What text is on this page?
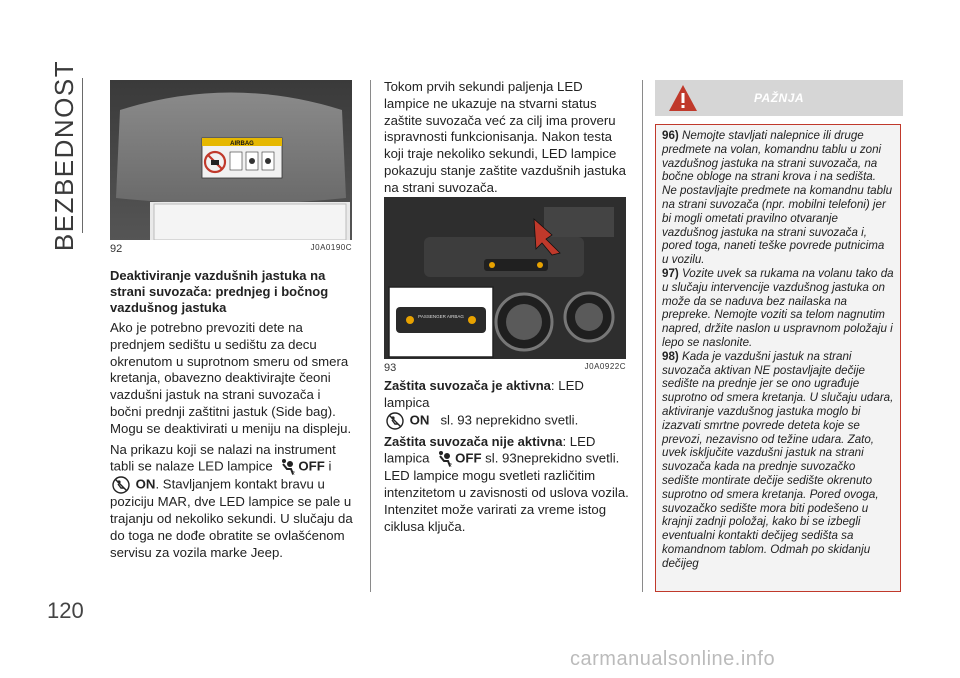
BEZBEDNOST
120
AIRBAG
92	J0A0190C
Deaktiviranje vazdušnih jastuka na strani suvozača: prednjeg i bočnog vazdušnog jastuka

Ako je potrebno prevoziti dete na prednjem sedištu u sedištu za decu okrenutom u suprotnom smeru od smera kretanja, obavezno deaktivirajte čeoni vazdušni jastuk na strani suvozača i bočni prednji zaštitni jastuk (Side bag). Mogu se deaktivirati u meniju na displeju.

Na prikazu koji se nalazi na instrument tabli se nalaze LED lampice
2
OFF i  ON. Stavljanjem kontakt bravu u poziciju MAR, dve LED lampice se pale u trajanju od nekoliko sekundi. U slučaju da do toga ne dođe obratite se ovlašćenom servisu za vozila marke Jeep.

Tokom prvih sekundi paljenja LED lampice ne ukazuje na stvarni status zaštite suvozača već za cilj ima proveru ispravnosti funkcionisanja. Nakon testa koji traje nekoliko sekundi, LED lampice pokazuju stanje zaštite vazdušnih jastuka na strani suvozača.

PASSENGER AIRBAG
93	J0A0922C

Zaštita suvozača je aktivna: LED lampica
ON sl. 93 neprekidno svetli.

Zaštita suvozača nije aktivna: LED lampica
2
OFF sl. 93neprekidno svetli. LED lampice mogu svetleti različitim intenzitetom u zavisnosti od uslova vozila. Intenzitet može varirati za vreme istog ciklusa ključa.

PAŽNJA

96) Nemojte stavljati nalepnice ili druge predmete na volan, komandnu tablu u zoni vazdušnog jastuka na strani suvozača, na bočne obloge na strani krova i na sedišta. Ne postavljajte predmete na komandnu tablu na strani suvozača (npr. mobilni telefoni) jer bi mogli ometati pravilno otvaranje vazdušnog jastuka na strani suvozača i, pored toga, naneti teške povrede putnicima u vozilu.

97) Vozite uvek sa rukama na volanu tako da u slučaju intervencije vazdušnog jastuka on može da se naduva bez nailaska na prepreke. Nemojte voziti sa telom nagnutim napred, držite naslon u uspravnom položaju i lepo se naslonite.

98) Kada je vazdušni jastuk na strani suvozača aktivan NE postavljajte dečije sedište na prednje jer se ono ugrađuje suprotno od smera kretanja. U slučaju udara, aktiviranje vazdušnog jastuka moglo bi izazvati smrtne povrede deteta koje se prevozi, nezavisno od težine udara. Zato, uvek isključite vazdušni jastuk na strani suvozača kada na prednje suvozačko sedište montirate dečije sedište okrenuto suprotno od smera kretanja. Pored ovoga, suvozačko sedište mora biti podešeno u krajnji zadnji položaj, kako bi se izbegli eventualni kontakti dečijeg sedišta sa komandnom tablom. Odmah po skidanju dečijeg

carmanualsonline.info
